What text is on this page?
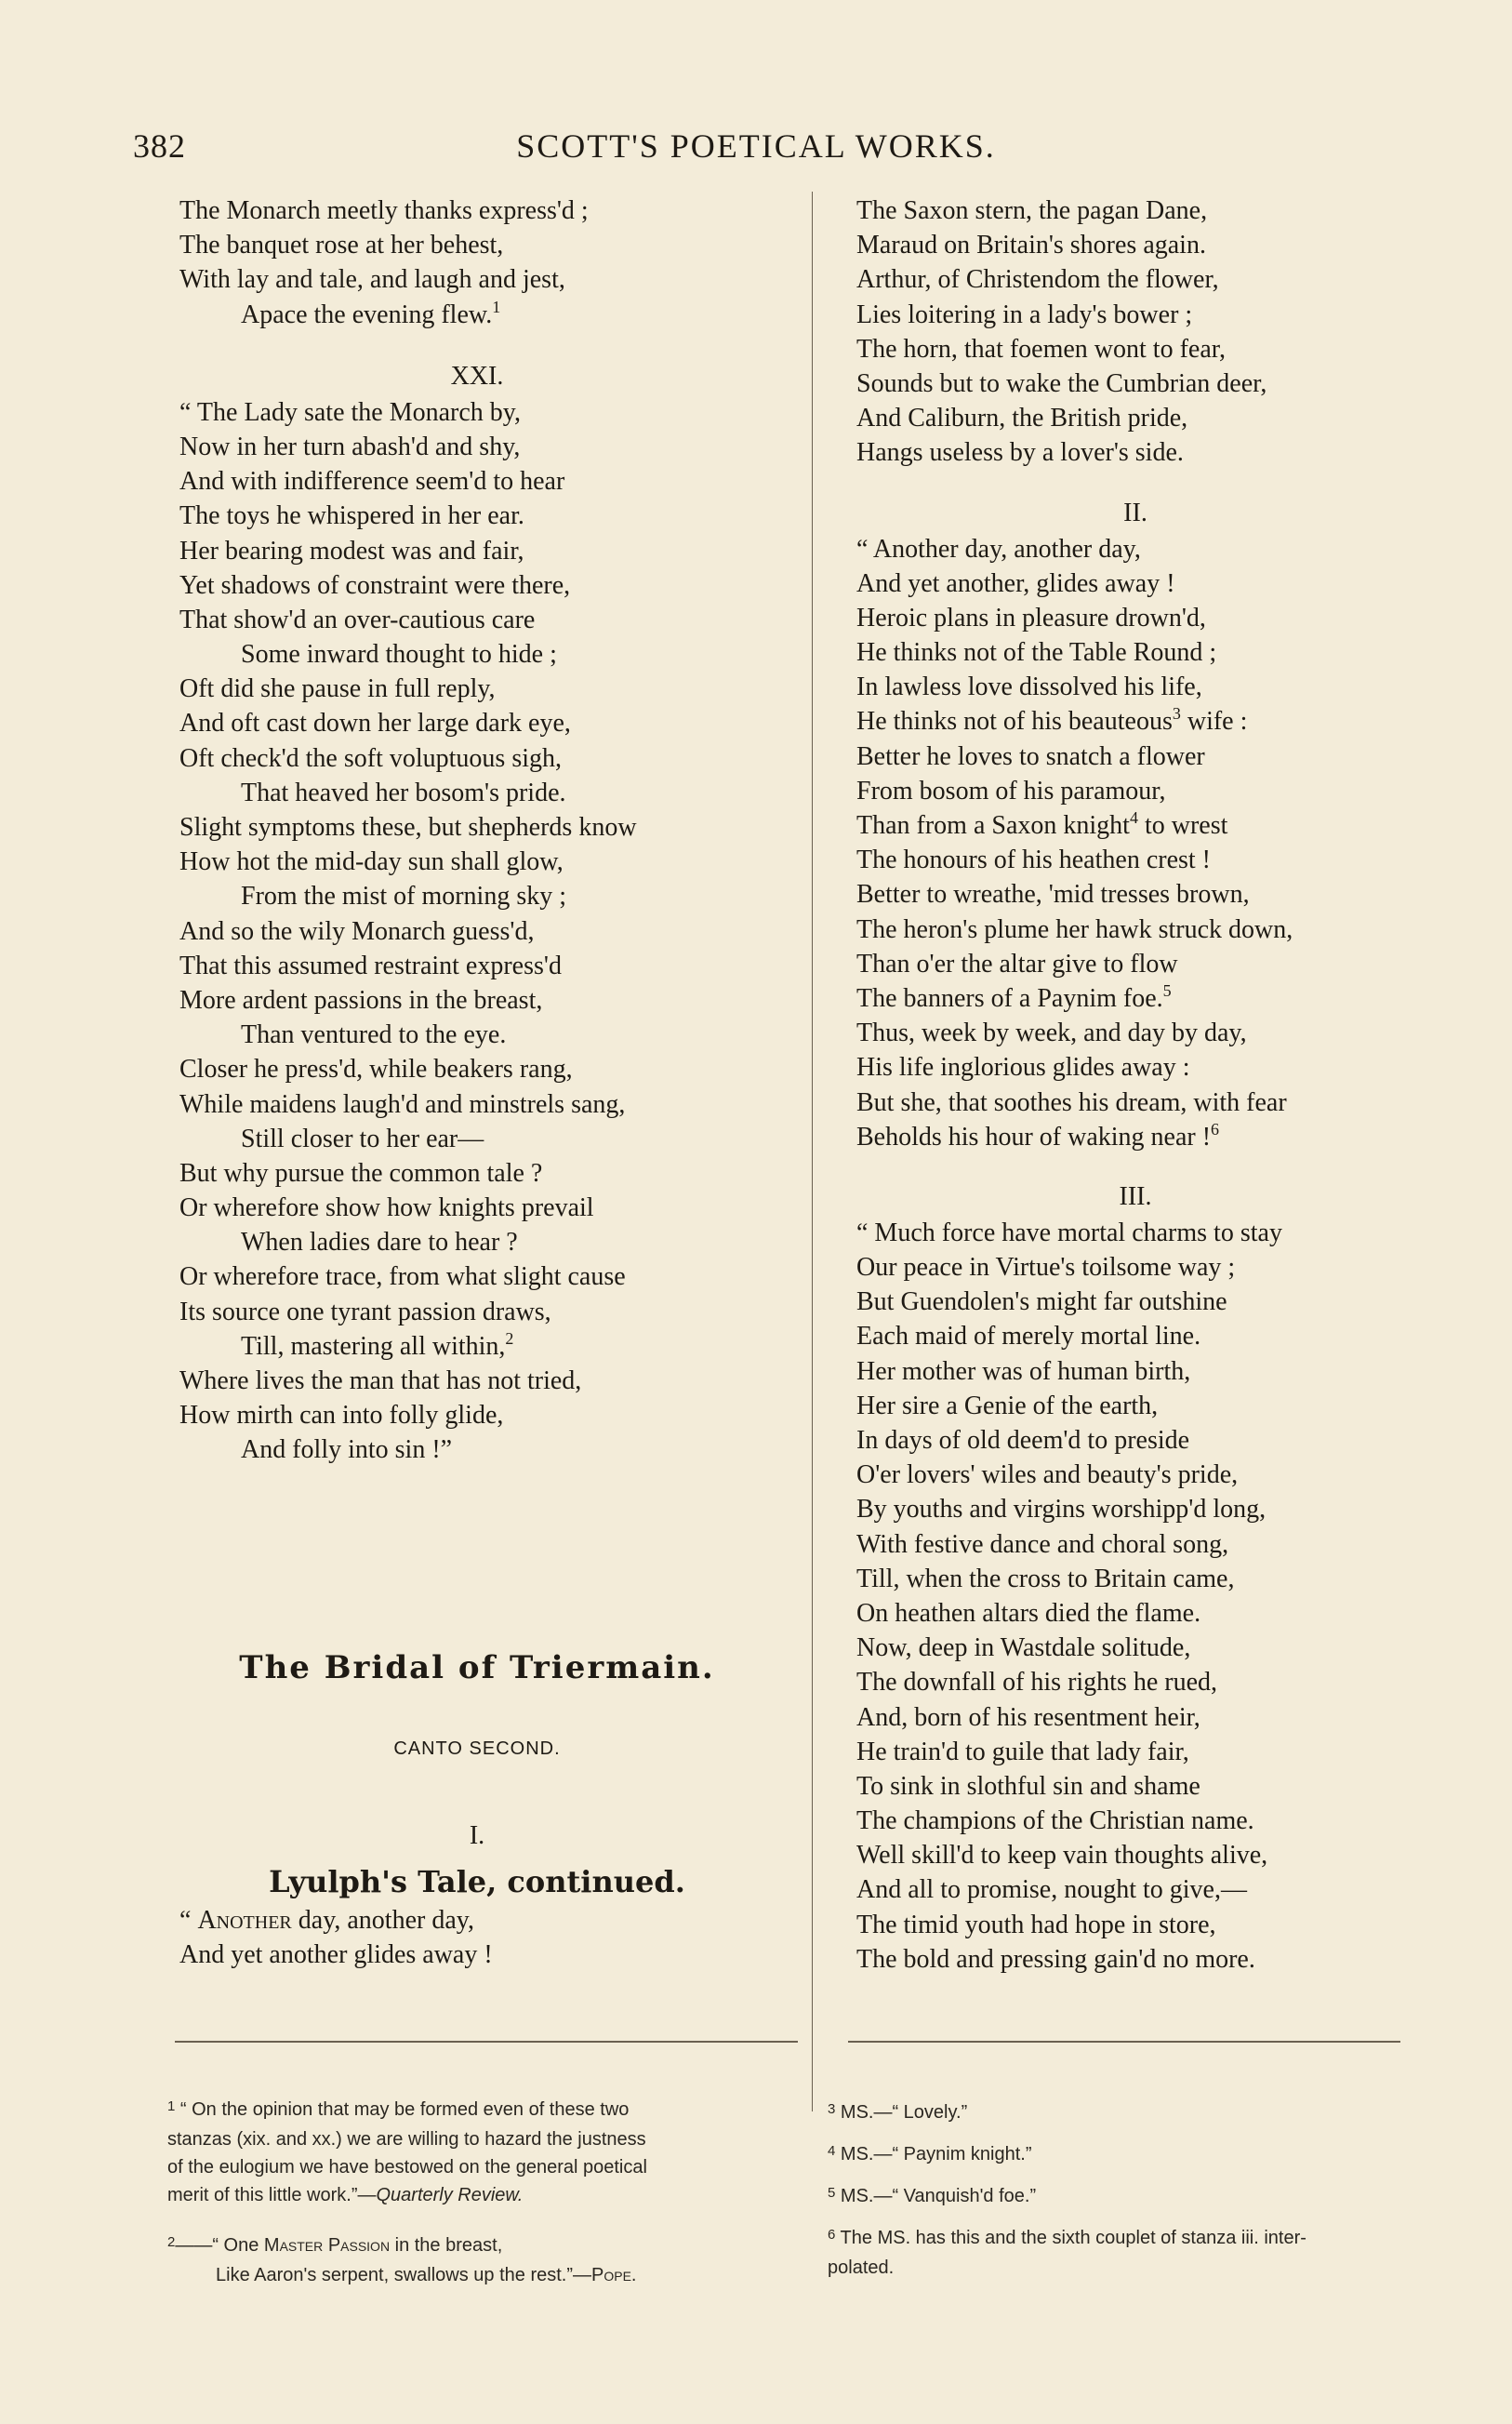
382	SCOTT'S POETICAL WORKS.
The Monarch meetly thanks express'd ;
The banquet rose at her behest,
With lay and tale, and laugh and jest,
Apace the evening flew.$^1$
XXI.
“ The Lady sate the Monarch by,
Now in her turn abash'd and shy,
And with indifference seem'd to hear
The toys he whispered in her ear.
Her bearing modest was and fair,
Yet shadows of constraint were there,
That show'd an over-cautious care
Some inward thought to hide ;
Oft did she pause in full reply,
And oft cast down her large dark eye,
Oft check'd the soft voluptuous sigh,
That heaved her bosom's pride.
Slight symptoms these, but shepherds know
How hot the mid-day sun shall glow,
From the mist of morning sky ;
And so the wily Monarch guess'd,
That this assumed restraint express'd
More ardent passions in the breast,
Than ventured to the eye.
Closer he press'd, while beakers rang,
While maidens laugh'd and minstrels sang,
Still closer to her ear—
But why pursue the common tale ?
Or wherefore show how knights prevail
When ladies dare to hear ?
Or wherefore trace, from what slight cause
Its source one tyrant passion draws,
Till, mastering all within,$^2$
Where lives the man that has not tried,
How mirth can into folly glide,
And folly into sin !”
The Bridal of Triermain.
CANTO SECOND.
I.
Lyulph's Tale, continued.
“ Another day, another day,
And yet another glides away !
The Saxon stern, the pagan Dane,
Maraud on Britain's shores again.
Arthur, of Christendom the flower,
Lies loitering in a lady's bower ;
The horn, that foemen wont to fear,
Sounds but to wake the Cumbrian deer,
And Caliburn, the British pride,
Hangs useless by a lover's side.
II.
“ Another day, another day,
And yet another, glides away !
Heroic plans in pleasure drown'd,
He thinks not of the Table Round ;
In lawless love dissolved his life,
He thinks not of his beauteous$^3$ wife :
Better he loves to snatch a flower
From bosom of his paramour,
Than from a Saxon knight$^4$ to wrest
The honours of his heathen crest !
Better to wreathe, 'mid tresses brown,
The heron's plume her hawk struck down,
Than o'er the altar give to flow
The banners of a Paynim foe.$^5$
Thus, week by week, and day by day,
His life inglorious glides away :
But she, that soothes his dream, with fear
Beholds his hour of waking near !$^6$
III.
“ Much force have mortal charms to stay
Our peace in Virtue's toilsome way ;
But Guendolen's might far outshine
Each maid of merely mortal line.
Her mother was of human birth,
Her sire a Genie of the earth,
In days of old deem'd to preside
O'er lovers' wiles and beauty's pride,
By youths and virgins worshipp'd long,
With festive dance and choral song,
Till, when the cross to Britain came,
On heathen altars died the flame.
Now, deep in Wastdale solitude,
The downfall of his rights he rued,
And, born of his resentment heir,
He train'd to guile that lady fair,
To sink in slothful sin and shame
The champions of the Christian name.
Well skill'd to keep vain thoughts alive,
And all to promise, nought to give,—
The timid youth had hope in store,
The bold and pressing gain'd no more.

$^1$ “ On the opinion that may be formed even of these two

stanzas (xix. and xx.) we are willing to hazard the justness

of the eulogium we have bestowed on the general poetical

merit of this little work.”—Quarterly Review.

$^2$——“ One Master Passion in the breast,

Like Aaron's serpent, swallows up the rest.”—Pope.

$^3$ MS.—“ Lovely.”

$^4$ MS.—“ Paynim knight.”

$^5$ MS.—“ Vanquish'd foe.”

$^6$ The MS. has this and the sixth couplet of stanza iii. inter-

polated.
